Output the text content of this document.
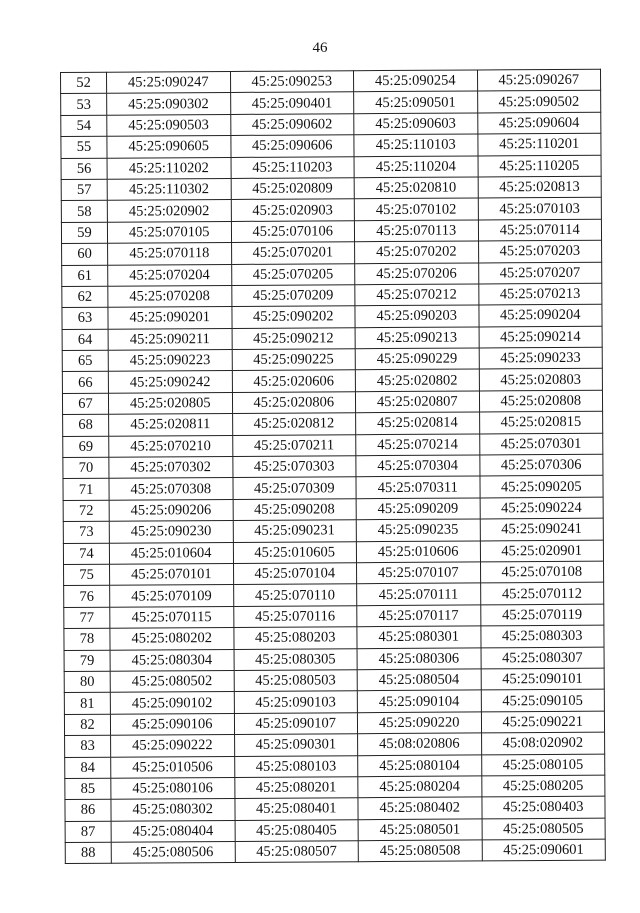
46
52	45:25:090247	45:25:090253	45:25:090254	45:25:090267
53	45:25:090302	45:25:090401	45:25:090501	45:25:090502
54	45:25:090503	45:25:090602	45:25:090603	45:25:090604
55	45:25:090605	45:25:090606	45:25:110103	45:25:110201
56	45:25:110202	45:25:110203	45:25:110204	45:25:110205
57	45:25:110302	45:25:020809	45:25:020810	45:25:020813
58	45:25:020902	45:25:020903	45:25:070102	45:25:070103
59	45:25:070105	45:25:070106	45:25:070113	45:25:070114
60	45:25:070118	45:25:070201	45:25:070202	45:25:070203
61	45:25:070204	45:25:070205	45:25:070206	45:25:070207
62	45:25:070208	45:25:070209	45:25:070212	45:25:070213
63	45:25:090201	45:25:090202	45:25:090203	45:25:090204
64	45:25:090211	45:25:090212	45:25:090213	45:25:090214
65	45:25:090223	45:25:090225	45:25:090229	45:25:090233
66	45:25:090242	45:25:020606	45:25:020802	45:25:020803
67	45:25:020805	45:25:020806	45:25:020807	45:25:020808
68	45:25:020811	45:25:020812	45:25:020814	45:25:020815
69	45:25:070210	45:25:070211	45:25:070214	45:25:070301
70	45:25:070302	45:25:070303	45:25:070304	45:25:070306
71	45:25:070308	45:25:070309	45:25:070311	45:25:090205
72	45:25:090206	45:25:090208	45:25:090209	45:25:090224
73	45:25:090230	45:25:090231	45:25:090235	45:25:090241
74	45:25:010604	45:25:010605	45:25:010606	45:25:020901
75	45:25:070101	45:25:070104	45:25:070107	45:25:070108
76	45:25:070109	45:25:070110	45:25:070111	45:25:070112
77	45:25:070115	45:25:070116	45:25:070117	45:25:070119
78	45:25:080202	45:25:080203	45:25:080301	45:25:080303
79	45:25:080304	45:25:080305	45:25:080306	45:25:080307
80	45:25:080502	45:25:080503	45:25:080504	45:25:090101
81	45:25:090102	45:25:090103	45:25:090104	45:25:090105
82	45:25:090106	45:25:090107	45:25:090220	45:25:090221
83	45:25:090222	45:25:090301	45:08:020806	45:08:020902
84	45:25:010506	45:25:080103	45:25:080104	45:25:080105
85	45:25:080106	45:25:080201	45:25:080204	45:25:080205
86	45:25:080302	45:25:080401	45:25:080402	45:25:080403
87	45:25:080404	45:25:080405	45:25:080501	45:25:080505
88	45:25:080506	45:25:080507	45:25:080508	45:25:090601
